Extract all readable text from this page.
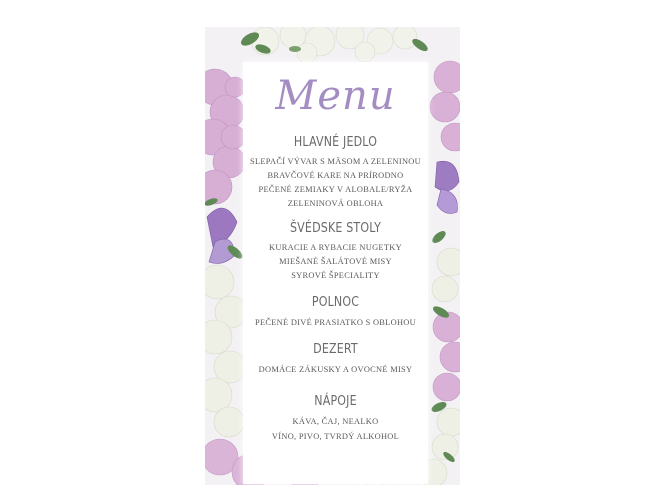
Menu
HLAVNÉ JEDLO
SLEPAČÍ VÝVAR S MÄSOM A ZELENINOU
BRAVČOVÉ KARE NA PRÍRODNO
PEČENÉ ZEMIAKY V ALOBALE/RYŽA
ZELENINOVÁ OBLOHA
ŠVÉDSKE STOLY
KURACIE A RYBACIE NUGETKY
MIEŠANÉ ŠALÁTOVÉ MISY
SYROVÉ ŠPECIALITY
POLNOC
PEČENÉ DIVÉ PRASIATKO S OBLOHOU
DEZERT
DOMÁCE ZÁKUSKY A OVOCNÉ MISY
NÁPOJE
KÁVA, ČAJ, NEALKO
VÍNO, PIVO, TVRDÝ ALKOHOL
